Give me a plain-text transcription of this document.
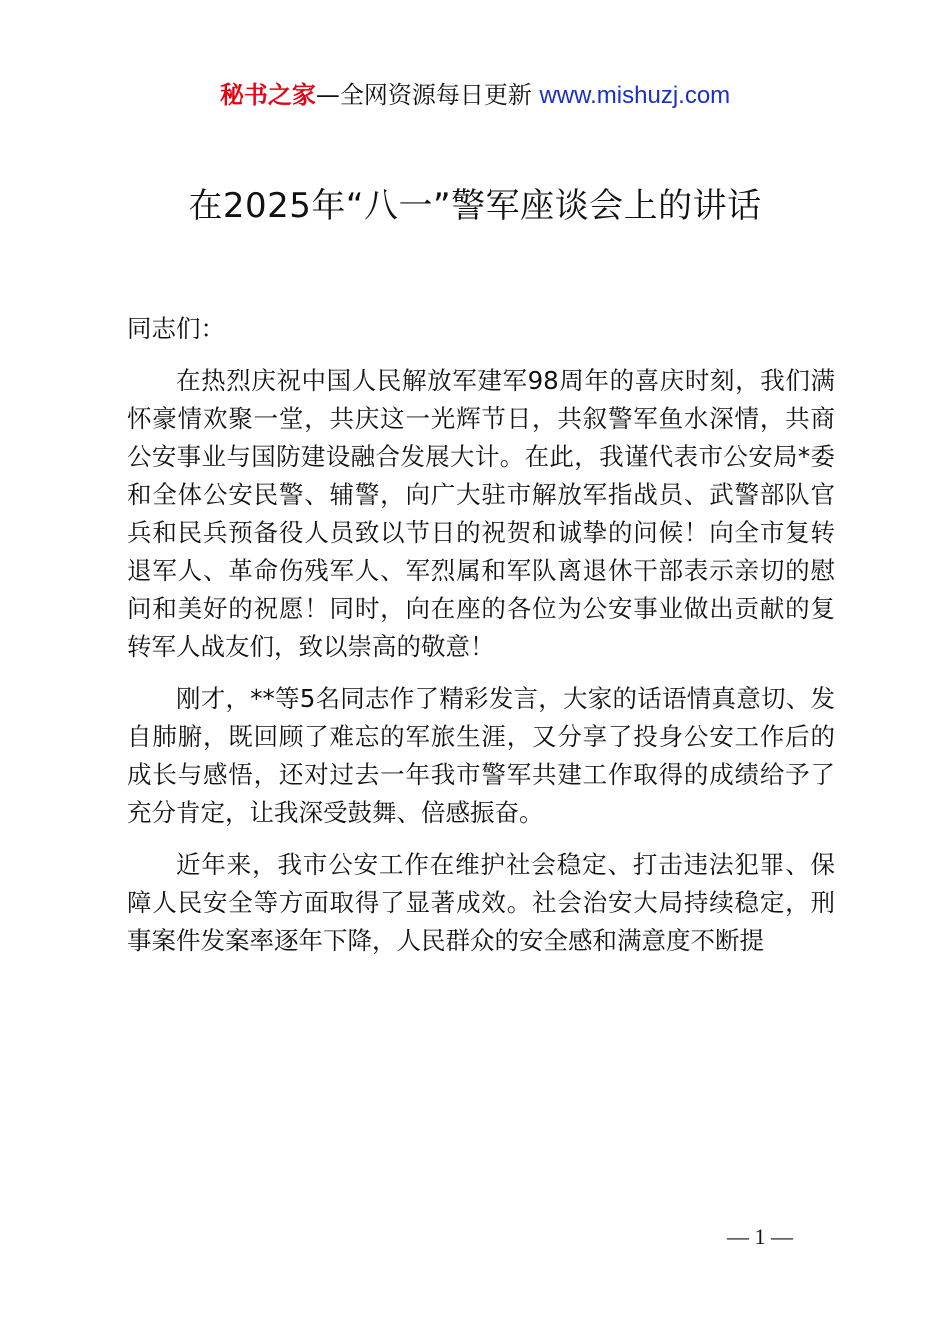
秘书之家—全网资源每日更新 www.mishuzj.com
在2025年“八一”警军座谈会上的讲话

同志们：

在热烈庆祝中国人民解放军建军98周年的喜庆时刻，我们满怀豪情欢聚一堂，共庆这一光辉节日，共叙警军鱼水深情，共商公安事业与国防建设融合发展大计。在此，我谨代表市公安局*委和全体公安民警、辅警，向广大驻市解放军指战员、武警部队官兵和民兵预备役人员致以节日的祝贺和诚挚的问候！向全市复转退军人、革命伤残军人、军烈属和军队离退休干部表示亲切的慰问和美好的祝愿！同时，向在座的各位为公安事业做出贡献的复转军人战友们，致以崇高的敬意！

刚才，**等5名同志作了精彩发言，大家的话语情真意切、发自肺腑，既回顾了难忘的军旅生涯，又分享了投身公安工作后的成长与感悟，还对过去一年我市警军共建工作取得的成绩给予了充分肯定，让我深受鼓舞、倍感振奋。

近年来，我市公安工作在维护社会稳定、打击违法犯罪、保障人民安全等方面取得了显著成效。社会治安大局持续稳定，刑事案件发案率逐年下降，人民群众的安全感和满意度不断提

— 1 —
